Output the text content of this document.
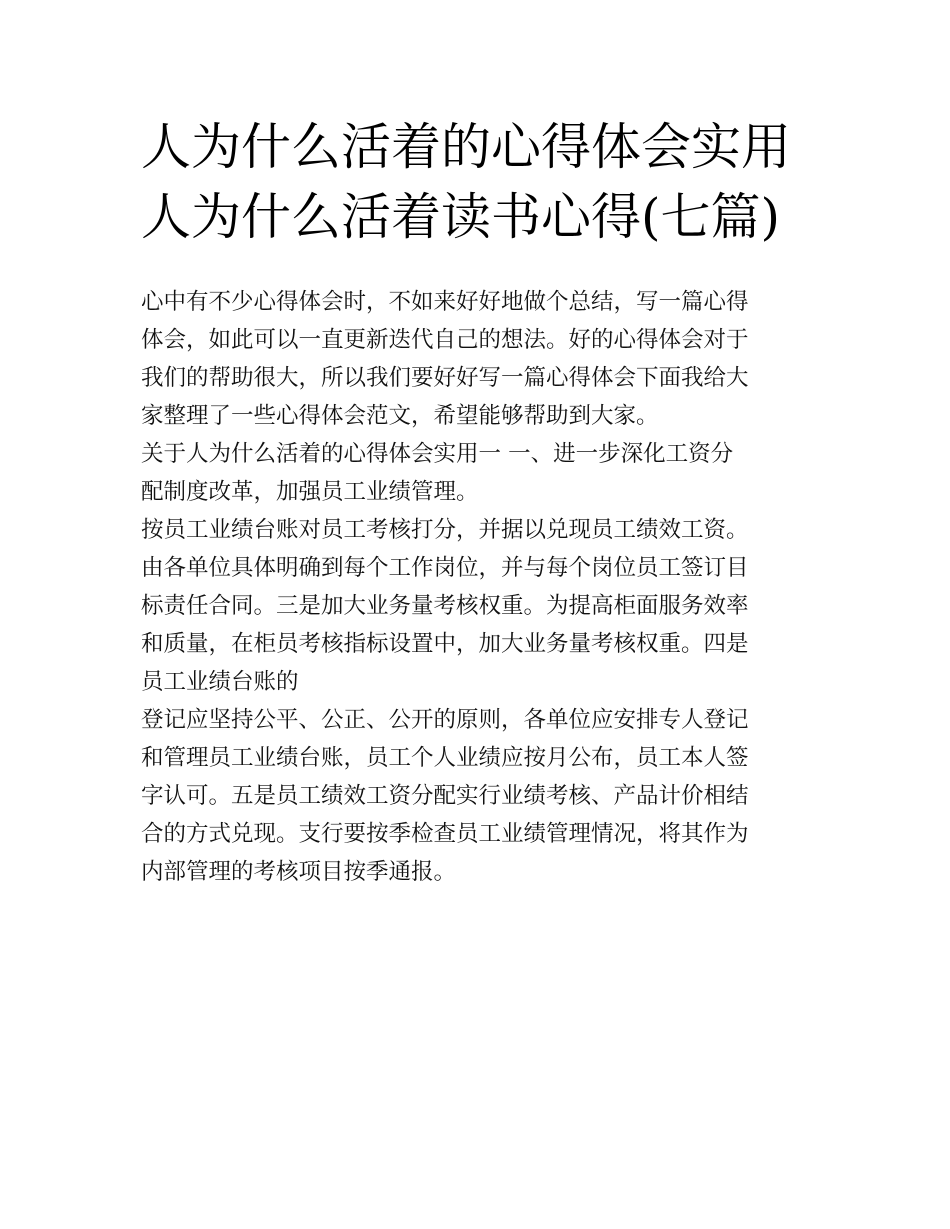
人为什么活着的心得体会实用
人为什么活着读书心得(七篇)
心中有不少心得体会时，不如来好好地做个总结，写一篇心得
体会，如此可以一直更新迭代自己的想法。好的心得体会对于
我们的帮助很大，所以我们要好好写一篇心得体会下面我给大
家整理了一些心得体会范文，希望能够帮助到大家。
关于人为什么活着的心得体会实用一 一、进一步深化工资分
配制度改革，加强员工业绩管理。
按员工业绩台账对员工考核打分，并据以兑现员工绩效工资。
由各单位具体明确到每个工作岗位，并与每个岗位员工签订目
标责任合同。三是加大业务量考核权重。为提高柜面服务效率
和质量，在柜员考核指标设置中，加大业务量考核权重。四是
员工业绩台账的
登记应坚持公平、公正、公开的原则，各单位应安排专人登记
和管理员工业绩台账，员工个人业绩应按月公布，员工本人签
字认可。五是员工绩效工资分配实行业绩考核、产品计价相结
合的方式兑现。支行要按季检查员工业绩管理情况，将其作为
内部管理的考核项目按季通报。
